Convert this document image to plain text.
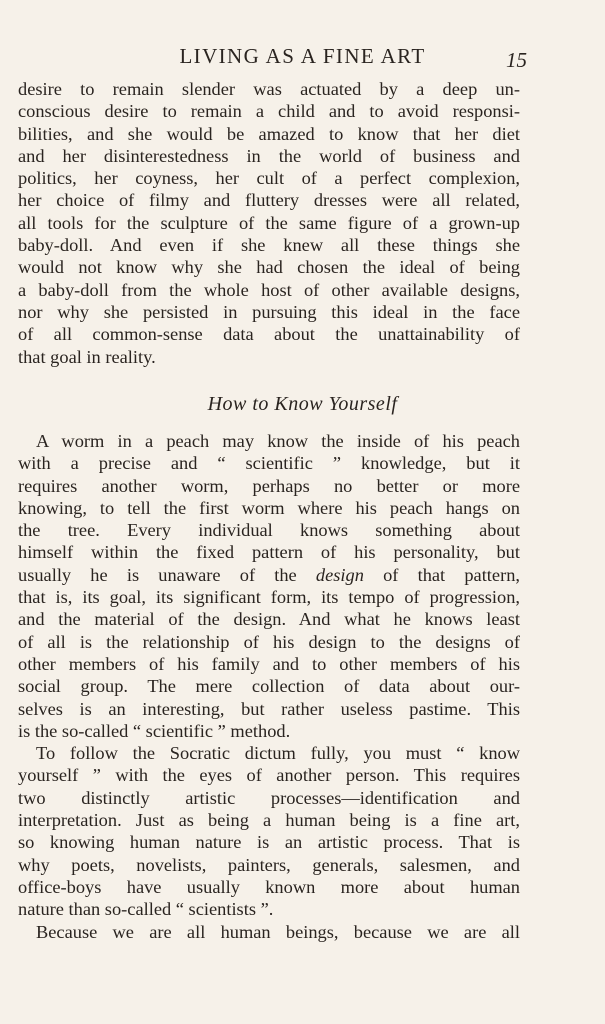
LIVING AS A FINE ART	15
desire to remain slender was actuated by a deep un-
conscious desire to remain a child and to avoid responsi-
bilities, and she would be amazed to know that her diet
and her disinterestedness in the world of business and
politics, her coyness, her cult of a perfect complexion,
her choice of filmy and fluttery dresses were all related,
all tools for the sculpture of the same figure of a grown-up
baby-doll. And even if she knew all these things she
would not know why she had chosen the ideal of being
a baby-doll from the whole host of other available designs,
nor why she persisted in pursuing this ideal in the face
of all common-sense data about the unattainability of
that goal in reality.
How to Know Yourself
A worm in a peach may know the inside of his peach
with a precise and “ scientific ” knowledge, but it
requires another worm, perhaps no better or more
knowing, to tell the first worm where his peach hangs on
the tree. Every individual knows something about
himself within the fixed pattern of his personality, but
usually he is unaware of the design of that pattern,
that is, its goal, its significant form, its tempo of progression,
and the material of the design. And what he knows least
of all is the relationship of his design to the designs of
other members of his family and to other members of his
social group. The mere collection of data about our-
selves is an interesting, but rather useless pastime. This
is the so-called “ scientific ” method.
To follow the Socratic dictum fully, you must “ know
yourself ” with the eyes of another person. This requires
two distinctly artistic processes—identification and
interpretation. Just as being a human being is a fine art,
so knowing human nature is an artistic process. That is
why poets, novelists, painters, generals, salesmen, and
office-boys have usually known more about human
nature than so-called “ scientists ”.
Because we are all human beings, because we are all
